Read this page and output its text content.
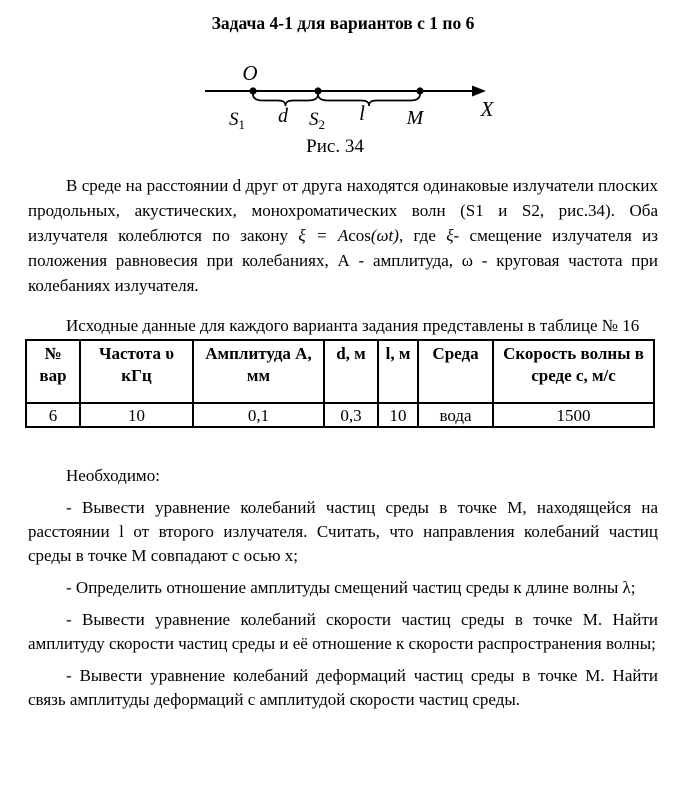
Задача 4-1 для вариантов с 1 по 6
O
$S_1$ d $S_2$ l M	X
Рис. 34

В среде на расстоянии d друг от друга находятся одинаковые излучатели плоских продольных, акустических, монохроматических волн (S1 и S2, рис.34). Оба излучателя колеблются по закону ξ = Acos(ωt), где ξ- смещение излучателя из положения равновесия при колебаниях, А - амплитуда, ω - круговая частота при колебаниях излучателя.

Исходные данные для каждого варианта задания представлены в таблице № 16

№ вар	Частота υ кГц	Амплитуда А, мм	d, м	l, м	Среда	Скорость волны в среде с, м/с
6	10	0,1	0,3	10	вода	1500

Необходимо:

- Вывести уравнение колебаний частиц среды в точке М, находящейся на расстоянии l от второго излучателя. Считать, что направления колебаний частиц среды в точке М совпадают с осью х;

- Определить отношение амплитуды смещений частиц среды к длине волны λ;

- Вывести уравнение колебаний скорости частиц среды в точке М. Найти амплитуду скорости частиц среды и её отношение к скорости распространения волны;

- Вывести уравнение колебаний деформаций частиц среды в точке М. Найти связь амплитуды деформаций с амплитудой скорости частиц среды.
